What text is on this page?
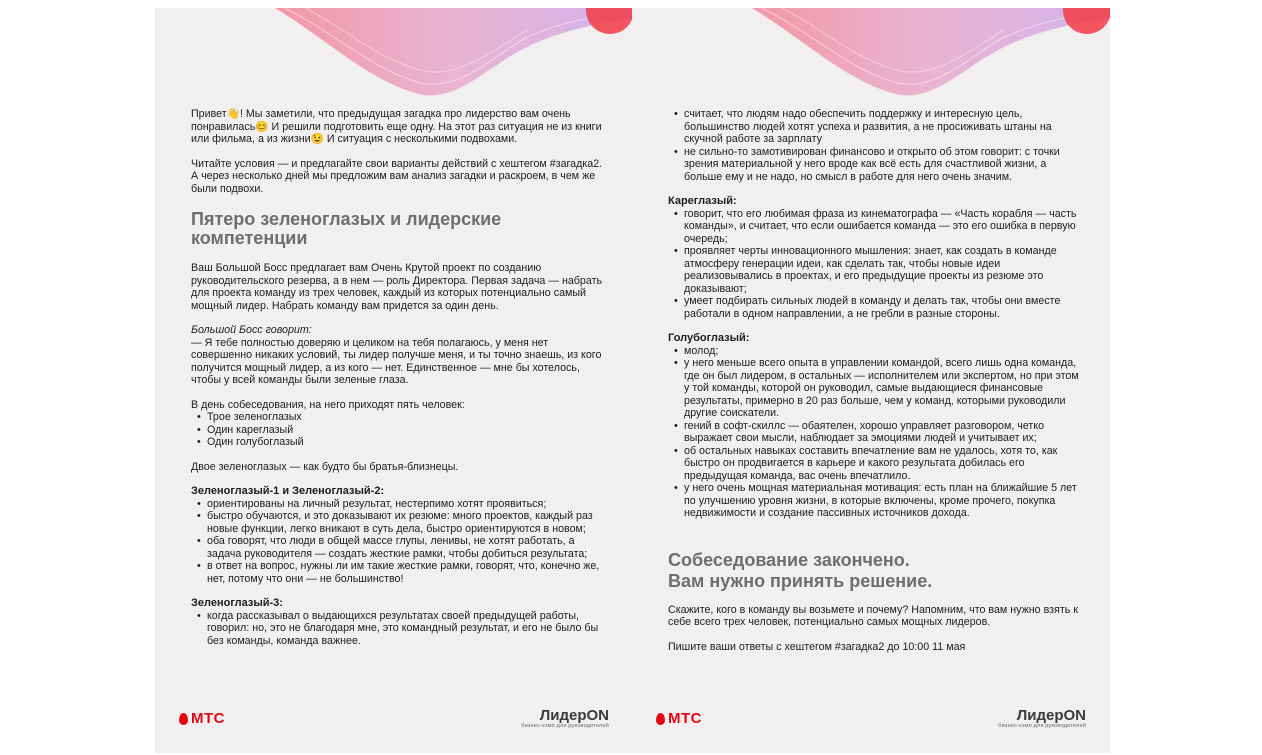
Привет👋! Мы заметили, что предыдущая загадка про лидерство вам очень понравилась😊 И решили подготовить еще одну. На этот раз ситуация не из книги или фильма, а из жизни😉 И ситуация с несколькими подвохами.

Читайте условия — и предлагайте свои варианты действий с хештегом #загадка2. А через несколько дней мы предложим вам анализ загадки и раскроем, в чем же были подвохи.

Пятеро зеленоглазых и лидерские компетенции

Ваш Большой Босс предлагает вам Очень Крутой проект по созданию руководительского резерва, а в нем — роль Директора. Первая задача — набрать для проекта команду из трех человек, каждый из которых потенциально самый мощный лидер. Набрать команду вам придется за один день.

Большой Босс говорит:

— Я тебе полностью доверяю и целиком на тебя полагаюсь, у меня нет совершенно никаких условий, ты лидер получше меня, и ты точно знаешь, из кого получится мощный лидер, а из кого — нет. Единственное — мне бы хотелось, чтобы у всей команды были зеленые глаза.

В день собеседования, на него приходят пять человек:

• Трое зеленоглазых
• Один кареглазый
• Один голубоглазый

Двое зеленоглазых — как будто бы братья-близнецы.

Зеленоглазый-1 и Зеленоглазый-2:
• ориентированы на личный результат, нестерпимо хотят проявиться;
• быстро обучаются, и это доказывают их резюме: много проектов, каждый раз новые функции, легко вникают в суть дела, быстро ориентируются в новом;
• оба говорят, что люди в общей массе глупы, ленивы, не хотят работать, а задача руководителя — создать жесткие рамки, чтобы добиться результата;
• в ответ на вопрос, нужны ли им такие жесткие рамки, говорят, что, конечно же, нет, потому что они — не большинство!
Зеленоглазый-3:
• когда рассказывал о выдающихся результатах своей предыдущей работы, говорил: но, это не благодаря мне, это командный результат, и его не было бы без команды, команда важнее.
МТС	ЛидерON
бизнес-кэмп для руководителей
• считает, что людям надо обеспечить поддержку и интересную цель, большинство людей хотят успеха и развития, а не просиживать штаны на скучной работе за зарплату
• не сильно-то замотивирован финансово и открыто об этом говорит: с точки зрения материальной у него вроде как всё есть для счастливой жизни, а больше ему и не надо, но смысл в работе для него очень значим.
Кареглазый:
• говорит, что его любимая фраза из кинематографа — «Часть корабля — часть команды», и считает, что если ошибается команда — это его ошибка в первую очередь;
• проявляет черты инновационного мышления: знает, как создать в команде атмосферу генерации идеи, как сделать так, чтобы новые идеи реализовывались в проектах, и его предыдущие проекты из резюме это доказывают;
• умеет подбирать сильных людей в команду и делать так, чтобы они вместе работали в одном направлении, а не гребли в разные стороны.
Голубоглазый:
• молод;
• у него меньше всего опыта в управлении командой, всего лишь одна команда, где он был лидером, в остальных — исполнителем или экспертом, но при этом у той команды, которой он руководил, самые выдающиеся финансовые результаты, примерно в 20 раз больше, чем у команд, которыми руководили другие соискатели.
• гений в софт-скиллс — обаятелен, хорошо управляет разговором, четко выражает свои мысли, наблюдает за эмоциями людей и учитывает их;
• об остальных навыках составить впечатление вам не удалось, хотя то, как быстро он продвигается в карьере и какого результата добилась его предыдущая команда, вас очень впечатлило.
• у него очень мощная материальная мотивация: есть план на ближайшие 5 лет по улучшению уровня жизни, в которые включены, кроме прочего, покупка недвижимости и создание пассивных источников дохода.

Собеседование закончено.

Вам нужно принять решение.

Скажите, кого в команду вы возьмете и почему? Напомним, что вам нужно взять к себе всего трех человек, потенциально самых мощных лидеров.

Пишите ваши ответы с хештегом #загадка2 до 10:00 11 мая

МТС	ЛидерON
бизнес-кэмп для руководителей
